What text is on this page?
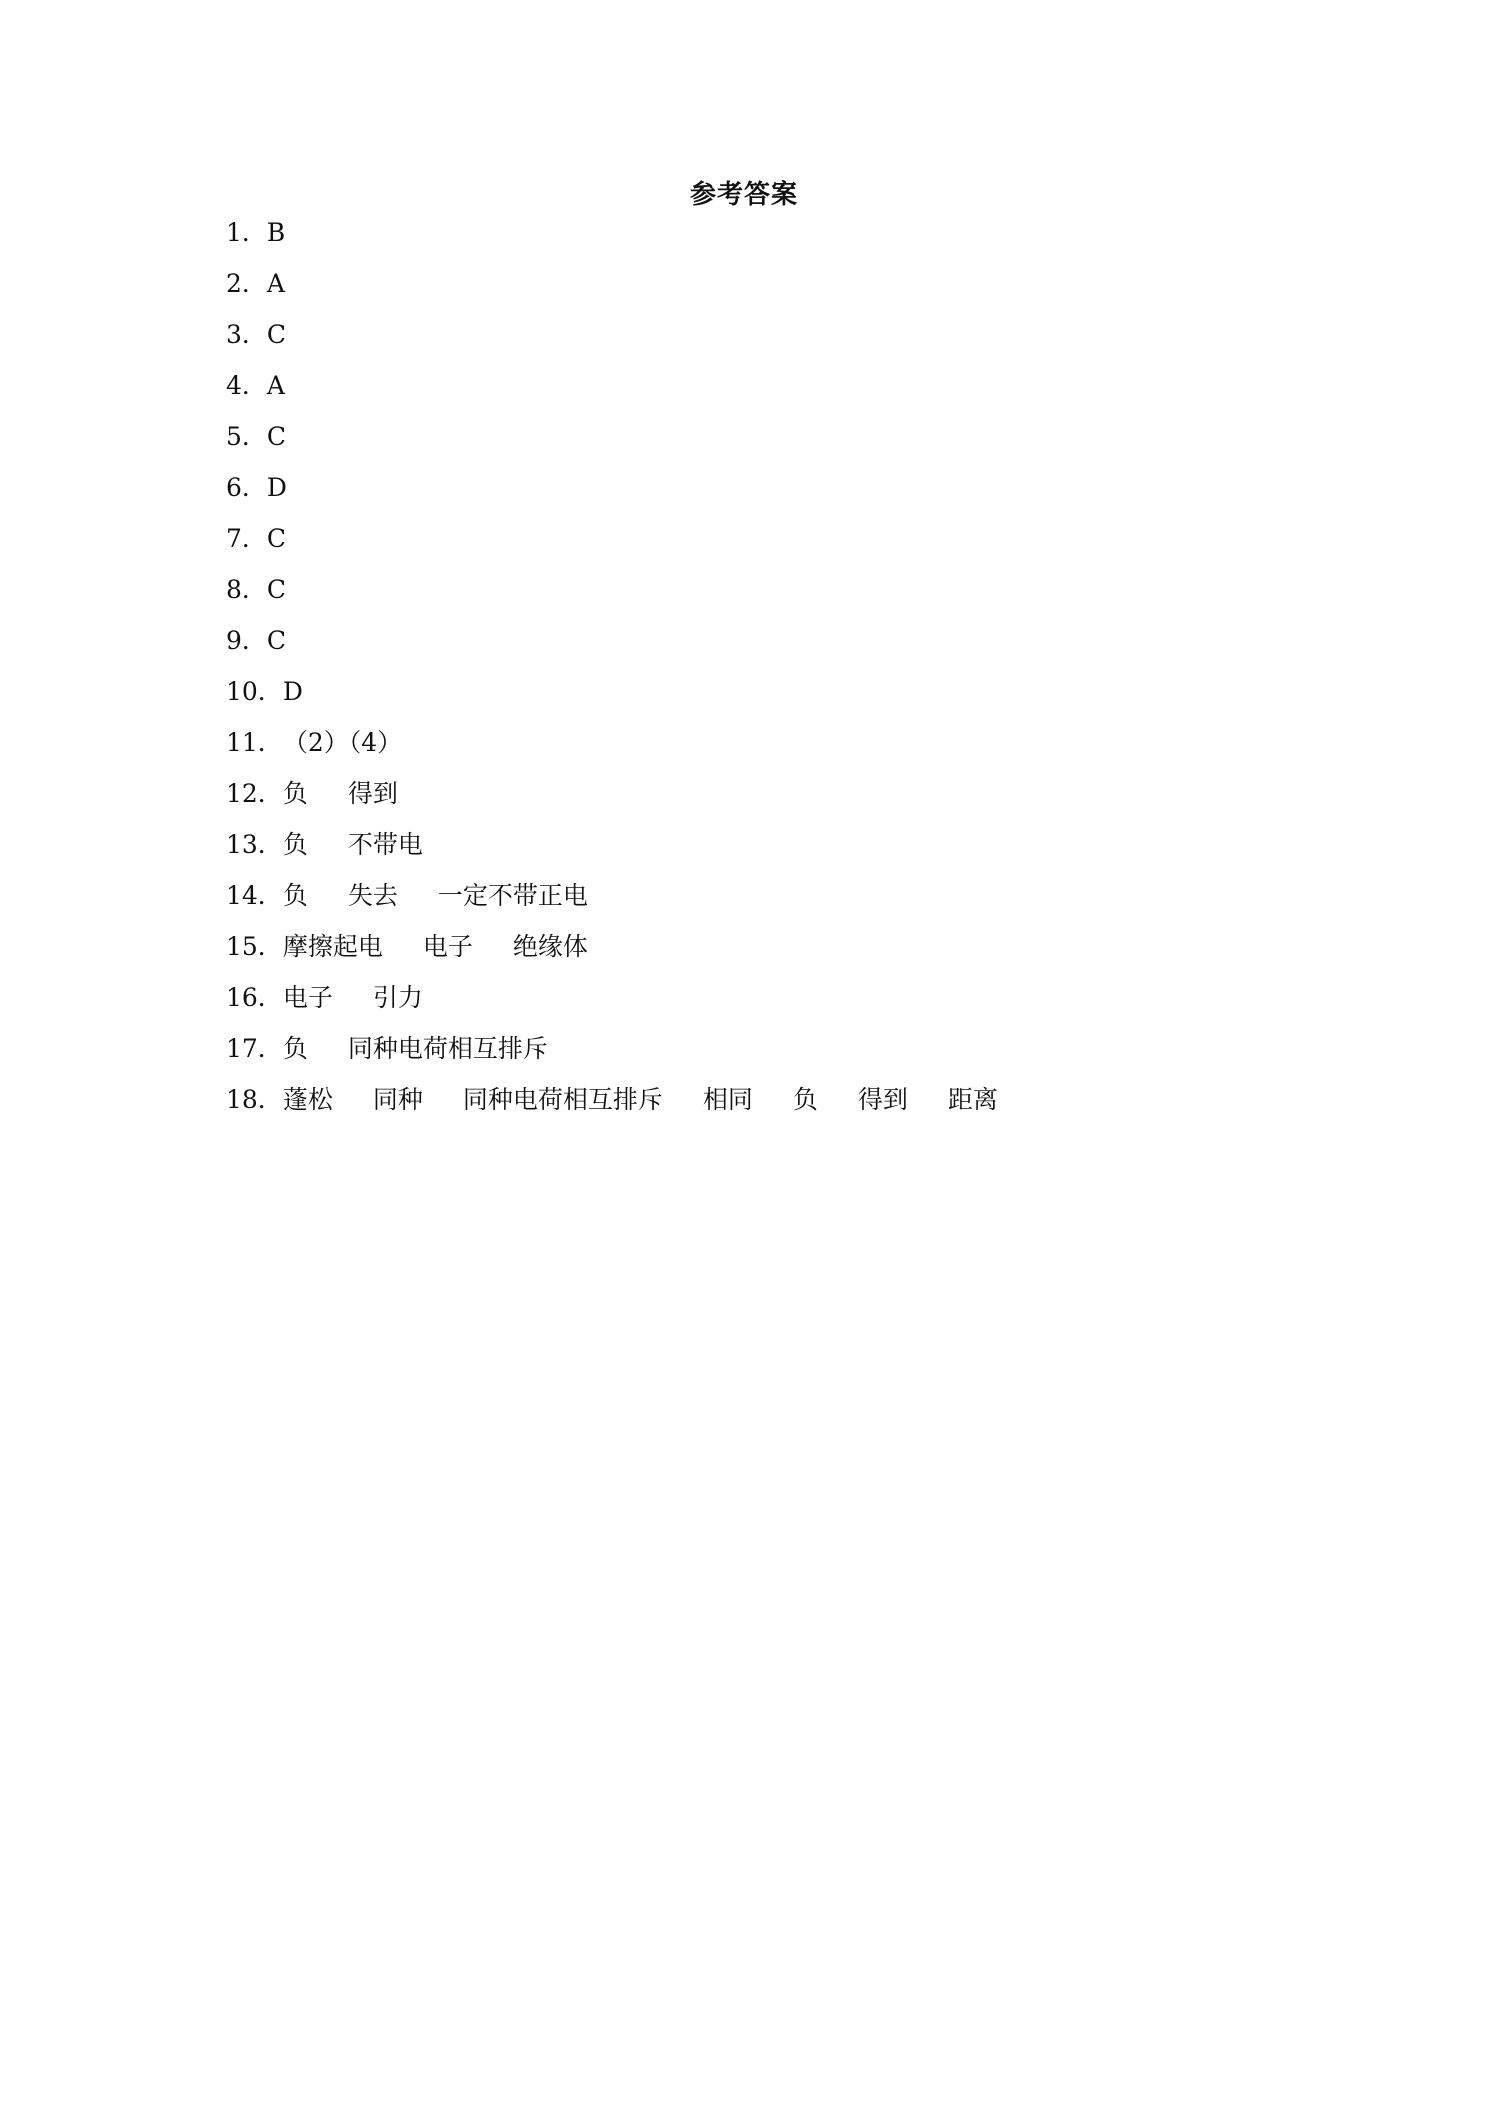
参考答案
1． B
2． A
3． C
4． A
5． C
6． D
7． C
8． C
9． C
10． D
11． （2）（4）
12． 负 得到
13． 负 不带电
14． 负 失去 一定不带正电
15． 摩擦起电 电子 绝缘体
16． 电子 引力
17． 负 同种电荷相互排斥
18． 蓬松 同种 同种电荷相互排斥 相同 负 得到 距离
